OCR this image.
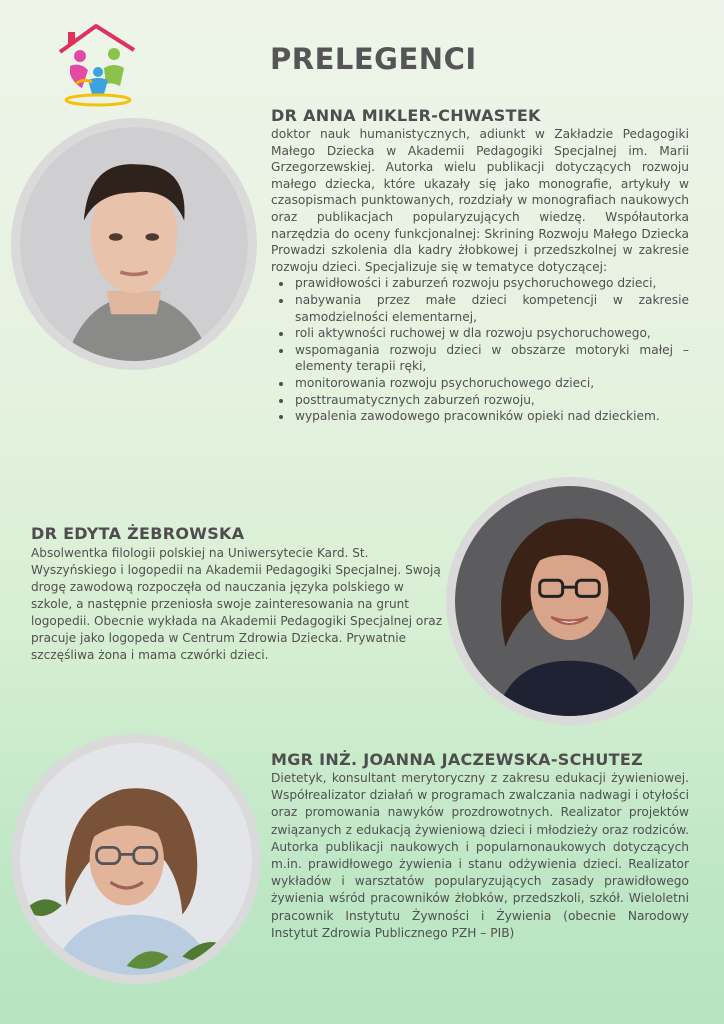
PRELEGENCI
DR ANNA MIKLER-CHWASTEK

doktor nauk humanistycznych, adiunkt w Zakładzie Pedagogiki Małego Dziecka w Akademii Pedagogiki Specjalnej im. Marii Grzegorzewskiej. Autorka wielu publikacji dotyczących rozwoju małego dziecka, które ukazały się jako monografie, artykuły w czasopismach punktowanych, rozdziały w monografiach naukowych oraz publikacjach popularyzujących wiedzę. Współautorka narzędzia do oceny funkcjonalnej: Skrining Rozwoju Małego Dziecka Prowadzi szkolenia dla kadry żłobkowej i przedszkolnej w zakresie rozwoju dzieci. Specjalizuje się w tematyce dotyczącej:

• prawidłowości i zaburzeń rozwoju psychoruchowego dzieci,
• nabywania przez małe dzieci kompetencji w zakresie samodzielności elementarnej,
• roli aktywności ruchowej w dla rozwoju psychoruchowego,
• wspomagania rozwoju dzieci w obszarze motoryki małej – elementy terapii ręki,
• monitorowania rozwoju psychoruchowego dzieci,
• posttraumatycznych zaburzeń rozwoju,
• wypalenia zawodowego pracowników opieki nad dzieckiem.
DR EDYTA ŻEBROWSKA

Absolwentka filologii polskiej na Uniwersytecie Kard. St. Wyszyńskiego i logopedii na Akademii Pedagogiki Specjalnej. Swoją drogę zawodową rozpoczęła od nauczania języka polskiego w szkole, a następnie przeniosła swoje zainteresowania na grunt logopedii. Obecnie wykłada na Akademii Pedagogiki Specjalnej oraz pracuje jako logopeda w Centrum Zdrowia Dziecka. Prywatnie szczęśliwa żona i mama czwórki dzieci.

MGR INŻ. JOANNA JACZEWSKA-SCHUTEZ

Dietetyk, konsultant merytoryczny z zakresu edukacji żywieniowej. Współrealizator działań w programach zwalczania nadwagi i otyłości oraz promowania nawyków prozdrowotnych. Realizator projektów związanych z edukacją żywieniową dzieci i młodzieży oraz rodziców. Autorka publikacji naukowych i popularnonaukowych dotyczących m.in. prawidłowego żywienia i stanu odżywienia dzieci. Realizator wykładów i warsztatów popularyzujących zasady prawidłowego żywienia wśród pracowników żłobków, przedszkoli, szkół. Wieloletni pracownik Instytutu Żywności i Żywienia (obecnie Narodowy Instytut Zdrowia Publicznego PZH – PIB)
